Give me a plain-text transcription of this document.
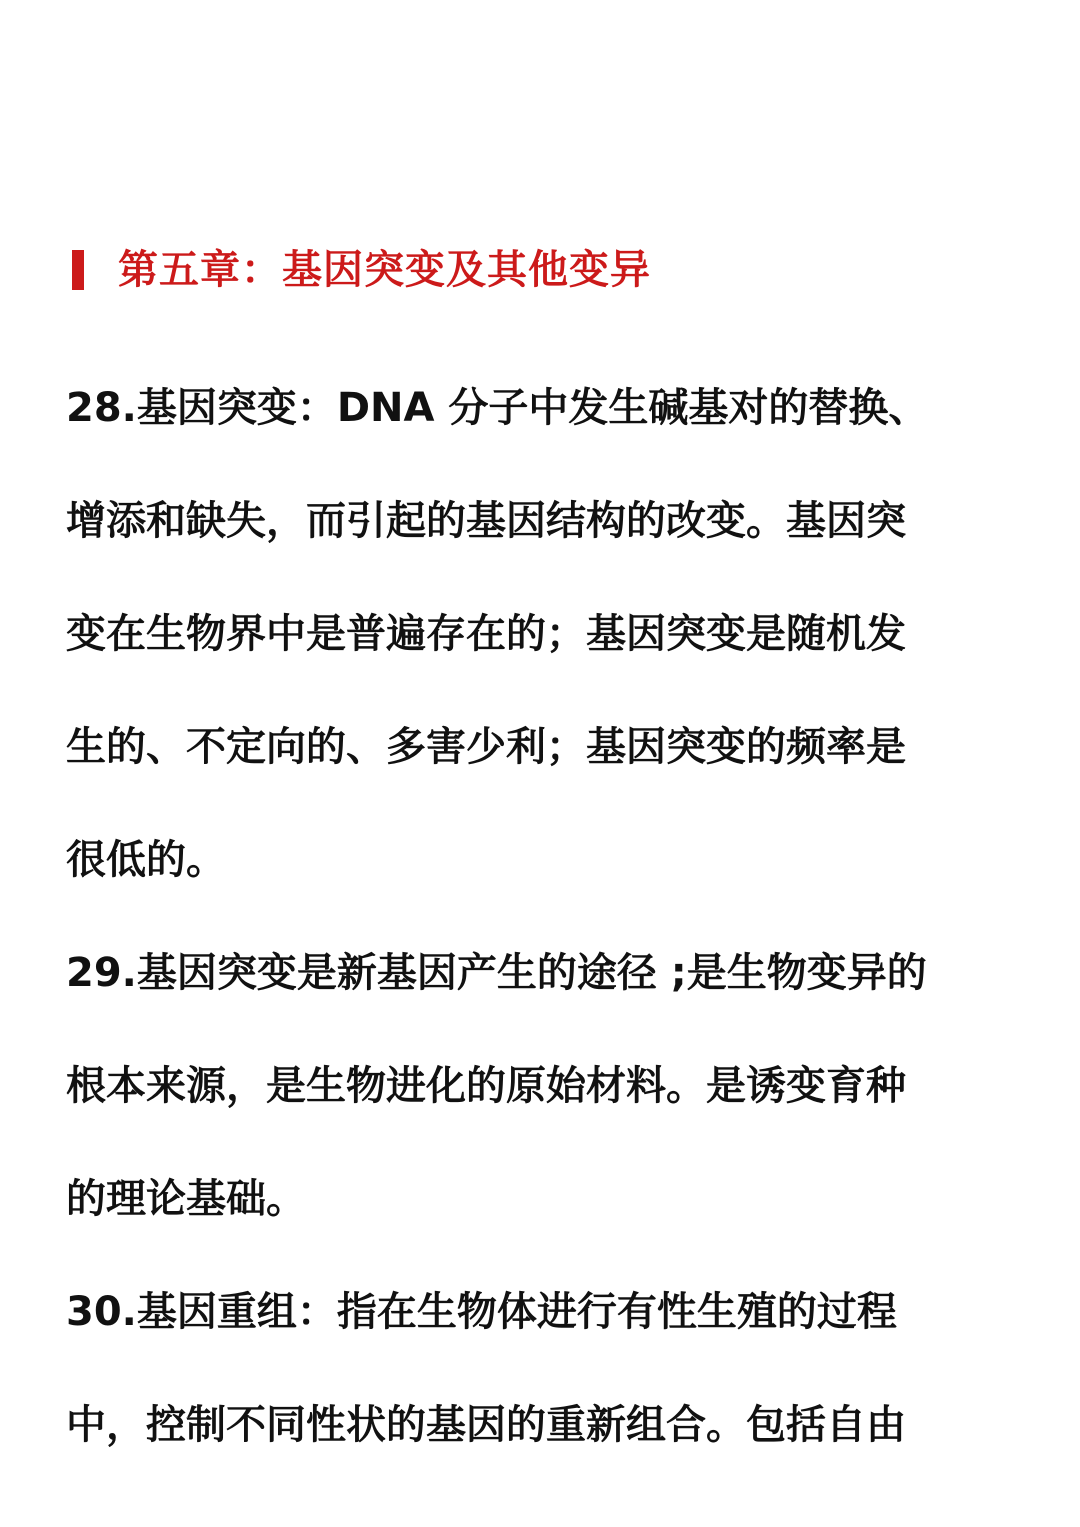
第五章：基因突变及其他变异

28.基因突变：DNA 分子中发生碱基对的替换、
增添和缺失，而引起的基因结构的改变。基因突
变在生物界中是普遍存在的；基因突变是随机发
生的、不定向的、多害少利；基因突变的频率是
很低的。

29.基因突变是新基因产生的途径 ;是生物变异的
根本来源，是生物进化的原始材料。是诱变育种
的理论基础。

30.基因重组：指在生物体进行有性生殖的过程
中，控制不同性状的基因的重新组合。包括自由
